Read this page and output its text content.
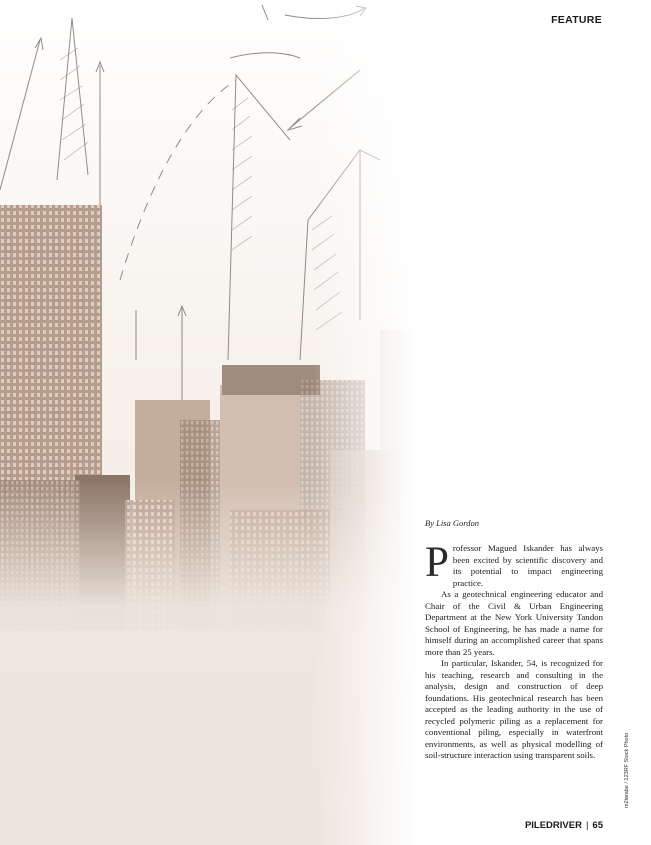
FEATURE
By Lisa Gordon

Professor Magued Iskander has always been excited by scientific discovery and its potential to impact engineering practice.

As a geotechnical engineering educator and Chair of the Civil & Urban Engineering Department at the New York University Tandon School of Engineering, he has made a name for himself during an accomplished career that spans more than 25 years.

In particular, Iskander, 54, is recognized for his teaching, research and consulting in the analysis, design and construction of deep foundations. His geotechnical research has been accepted as the leading authority in the use of recycled polymeric piling as a replacement for conventional piling, especially in waterfront environments, as well as physical modelling of soil-structure interaction using transparent soils.	m2iarabe / 123RF Stock Photo
PILEDRIVER | 65
